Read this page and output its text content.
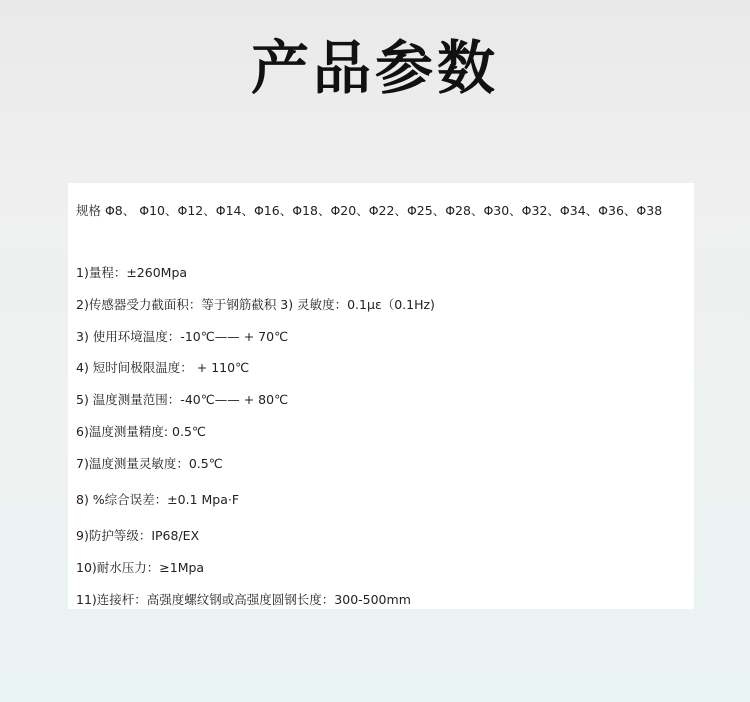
产品参数
规格 Φ8、 Φ10、Φ12、Φ14、Φ16、Φ18、Φ20、Φ22、Φ25、Φ28、Φ30、Φ32、Φ34、Φ36、Φ38
1)量程：±260Mpa
2)传感器受力截面积：等于钢筋截积 3) 灵敏度：0.1με（0.1Hz)
3) 使用环境温度：-10℃—— + 70℃
4) 短时间极限温度： + 110℃
5) 温度测量范围：-40℃—— + 80℃
6)温度测量精度: 0.5℃
7)温度测量灵敏度：0.5℃
8) %综合误差：±0.1 Mpa·F
9)防护等级：IP68/EX
10)耐水压力：≥1Mpa
11)连接杆：高强度螺纹钢或高强度圆钢长度：300-500mm
